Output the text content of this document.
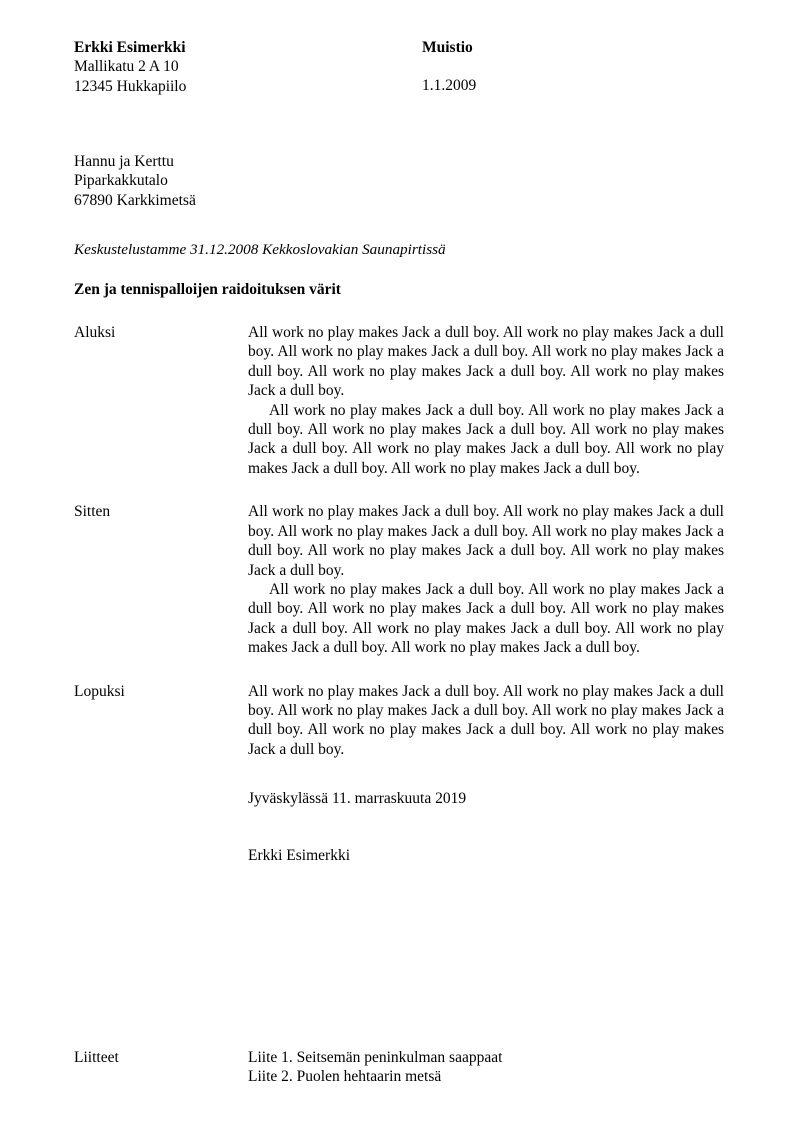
Erkki Esimerkki
Mallikatu 2 A 10
12345 Hukkapiilo
Muistio
1.1.2009
Hannu ja Kerttu
Piparkakkutalo
67890 Karkkimetsä
Keskustelustamme 31.12.2008 Kekkoslovakian Saunapirtissä
Zen ja tennispalloijen raidoituksen värit
Aluksi	All work no play makes Jack a dull boy. All work no play makes Jack a dull boy. All work no play makes Jack a dull boy. All work no play makes Jack a dull boy. All work no play makes Jack a dull boy. All work no play makes Jack a dull boy.

All work no play makes Jack a dull boy. All work no play makes Jack a dull boy. All work no play makes Jack a dull boy. All work no play makes Jack a dull boy. All work no play makes Jack a dull boy. All work no play makes Jack a dull boy. All work no play makes Jack a dull boy.

Sitten	All work no play makes Jack a dull boy. All work no play makes Jack a dull boy. All work no play makes Jack a dull boy. All work no play makes Jack a dull boy. All work no play makes Jack a dull boy. All work no play makes Jack a dull boy.

All work no play makes Jack a dull boy. All work no play makes Jack a dull boy. All work no play makes Jack a dull boy. All work no play makes Jack a dull boy. All work no play makes Jack a dull boy. All work no play makes Jack a dull boy. All work no play makes Jack a dull boy.

Lopuksi	All work no play makes Jack a dull boy. All work no play makes Jack a dull boy. All work no play makes Jack a dull boy. All work no play makes Jack a dull boy. All work no play makes Jack a dull boy. All work no play makes Jack a dull boy.

Jyväskylässä 11. marraskuuta 2019
Erkki Esimerkki
Liitteet	Liite 1. Seitsemän peninkulman saappaat
Liite 2. Puolen hehtaarin metsä
